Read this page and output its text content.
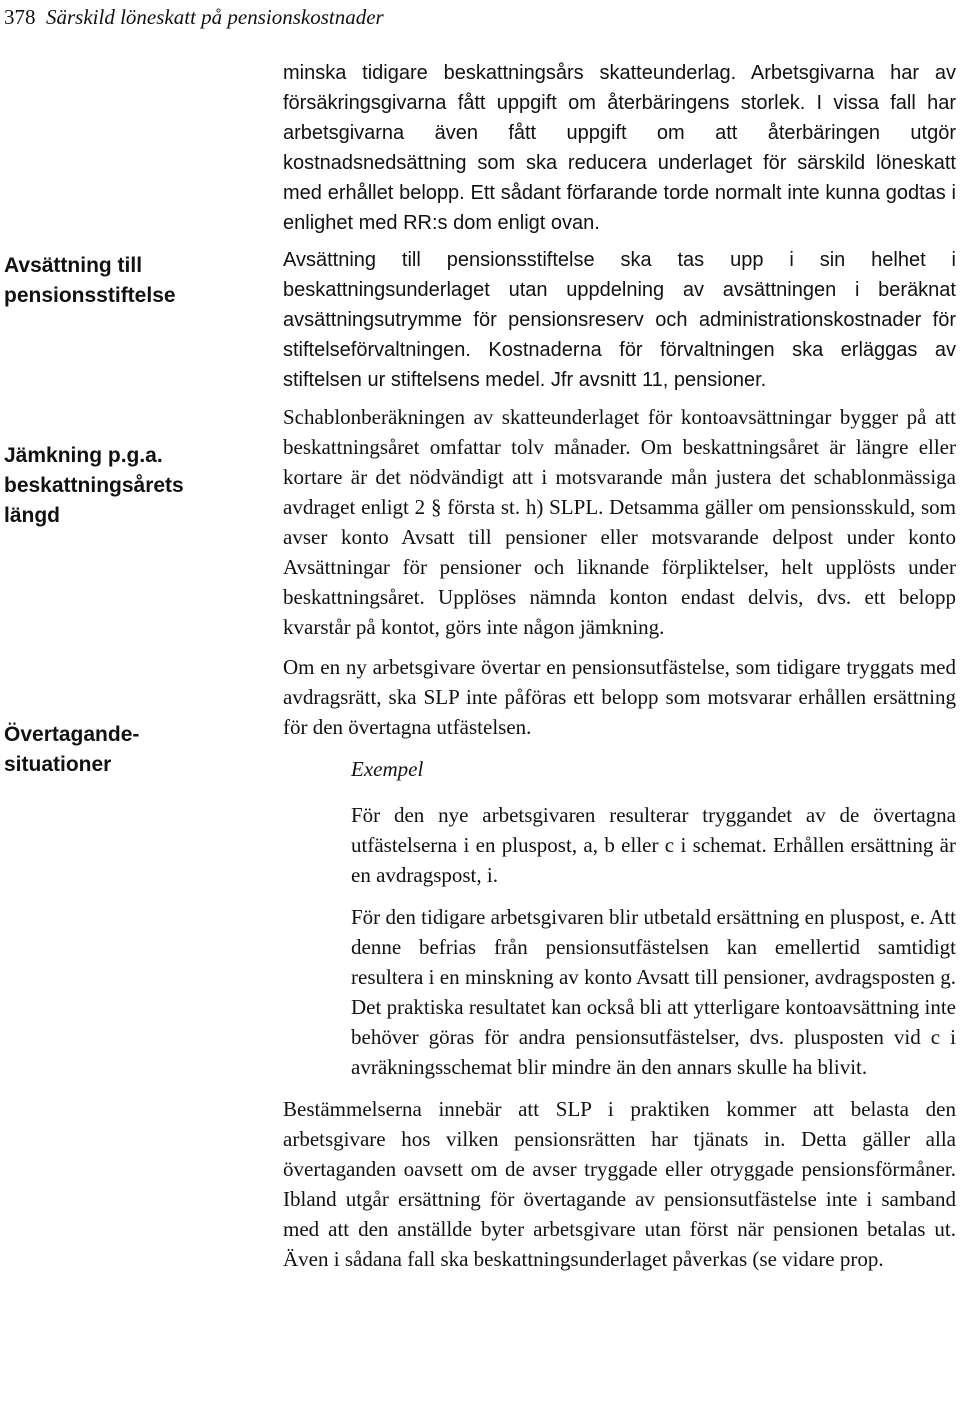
378 Särskild löneskatt på pensionskostnader
Avsättning till
pensionsstiftelse
Jämkning p.g.a.
beskattningsårets
längd
Övertagande-
situationer

minska tidigare beskattningsårs skatteunderlag. Arbetsgivarna har av försäkringsgivarna fått uppgift om återbäringens storlek. I vissa fall har arbetsgivarna även fått uppgift om att återbäringen utgör kostnadsnedsättning som ska reducera underlaget för särskild löneskatt med erhållet belopp. Ett sådant förfarande torde normalt inte kunna godtas i enlighet med RR:s dom enligt ovan.

Avsättning till pensionsstiftelse ska tas upp i sin helhet i beskattningsunderlaget utan uppdelning av avsättningen i beräknat avsättningsutrymme för pensionsreserv och administrationskostnader för stiftelseförvaltningen. Kostnaderna för förvaltningen ska erläggas av stiftelsen ur stiftelsens medel. Jfr avsnitt 11, pensioner.

Schablonberäkningen av skatteunderlaget för kontoavsättningar bygger på att beskattningsåret omfattar tolv månader. Om beskattningsåret är längre eller kortare är det nödvändigt att i motsvarande mån justera det schablonmässiga avdraget enligt 2 § första st. h) SLPL. Detsamma gäller om pensionsskuld, som avser konto Avsatt till pensioner eller motsvarande delpost under konto Avsättningar för pensioner och liknande förpliktelser, helt upplösts under beskattningsåret. Upplöses nämnda konton endast delvis, dvs. ett belopp kvarstår på kontot, görs inte någon jämkning.

Om en ny arbetsgivare övertar en pensionsutfästelse, som tidigare tryggats med avdragsrätt, ska SLP inte påföras ett belopp som motsvarar erhållen ersättning för den övertagna utfästelsen.

Exempel

För den nye arbetsgivaren resulterar tryggandet av de övertagna utfästelserna i en pluspost, a, b eller c i schemat. Erhållen ersättning är en avdragspost, i.

För den tidigare arbetsgivaren blir utbetald ersättning en pluspost, e. Att denne befrias från pensionsutfästelsen kan emellertid samtidigt resultera i en minskning av konto Avsatt till pensioner, avdragsposten g. Det praktiska resultatet kan också bli att ytterligare kontoavsättning inte behöver göras för andra pensionsutfästelser, dvs. plusposten vid c i avräkningsschemat blir mindre än den annars skulle ha blivit.

Bestämmelserna innebär att SLP i praktiken kommer att belasta den arbetsgivare hos vilken pensionsrätten har tjänats in. Detta gäller alla övertaganden oavsett om de avser tryggade eller otryggade pensionsförmåner. Ibland utgår ersättning för övertagande av pensionsutfästelse inte i samband med att den anställde byter arbetsgivare utan först när pensionen betalas ut. Även i sådana fall ska beskattningsunderlaget påverkas (se vidare prop.
